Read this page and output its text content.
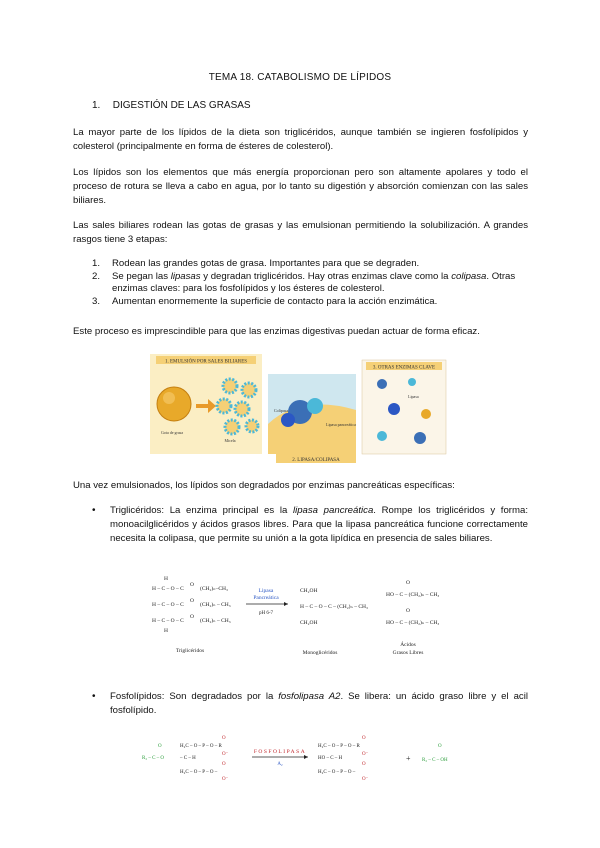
TEMA 18. CATABOLISMO DE LÍPIDOS
1. DIGESTIÓN DE LAS GRASAS

La mayor parte de los lípidos de la dieta son triglicéridos, aunque también se ingieren fosfolípidos y colesterol (principalmente en forma de ésteres de colesterol).

Los lípidos son los elementos que más energía proporcionan pero son altamente apolares y todo el proceso de rotura se lleva a cabo en agua, por lo tanto su digestión y absorción comienzan con las sales biliares.

Las sales biliares rodean las gotas de grasas y las emulsionan permitiendo la solubilización. A grandes rasgos tiene 3 etapas:

1. Rodean las grandes gotas de grasa. Importantes para que se degraden.
2. Se pegan las lipasas y degradan triglicéridos. Hay otras enzimas clave como la colipasa. Otras enzimas claves: para los fosfolípidos y los ésteres de colesterol.
3. Aumentan enormemente la superficie de contacto para la acción enzimática.

Este proceso es imprescindible para que las enzimas digestivas puedan actuar de forma eficaz.

1. EMULSIÓN POR SALES BILIARES
Gota de grasa
Micela
Colipasa
Lipasa pancreática
2. LIPASA/COLIPASA
3. OTRAS ENZIMAS CLAVE
Lipasa

Una vez emulsionados, los lípidos son degradados por enzimas pancreáticas específicas:

• Triglicéridos: La enzima principal es la lipasa pancreática. Rompe los triglicéridos y forma: monoacilglicéridos y ácidos grasos libres. Para que la lipasa pancreática funcione correctamente necesita la colipasa, que permite su unión a la gota lipídica en presencia de sales biliares.
H
H – C – O – C
O
(CH₂)ₙ–CH₃
H – C – O – C
O
(CH₂)ₙ – CH₃
H – C – O – C
O
(CH₂)ₙ – CH₃
H
Triglicéridos
Lipasa
Pancreática
pH 6-7
CH₂OH
H – C – O – C – (CH₂)ₙ – CH₃
CH₂OH
Monoglicéridos
O
HO – C – (CH₂)ₙ – CH₃
O
HO – C – (CH₂)ₙ – CH₃
Ácidos
Grasos Libres
• Fosfolípidos: Son degradados por la fosfolipasa A2. Se libera: un ácido graso libre y el acil fosfolípido.
O
R₂ – C – O
H₂C – O – P – O – R
O
O⁻
– C – H
H₂C – O – P – O –
O
O⁻
FOSFOLIPASA
A₂
H₂C – O – P – O – R
O
O⁻
HO – C – H
H₂C – O – P – O –
O
O⁻
+
O
R₂ – C – OH
